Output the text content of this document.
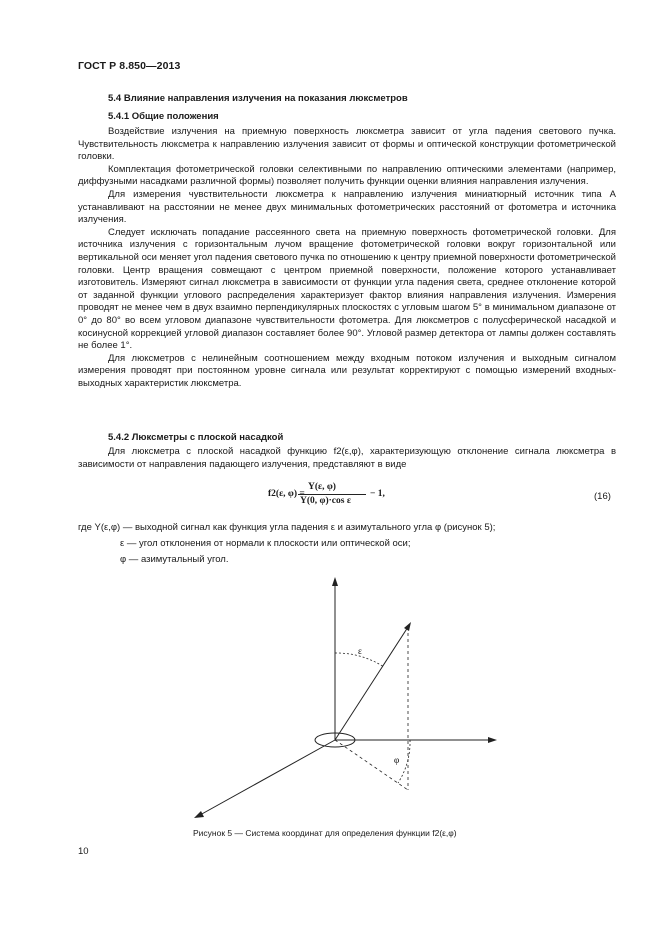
ГОСТ Р 8.850—2013
5.4 Влияние направления излучения на показания люксметров
5.4.1 Общие положения

Воздействие излучения на приемную поверхность люксметра зависит от угла падения светового пучка. Чувствительность люксметра к направлению излучения зависит от формы и оптической конструкции фотометрической головки.

Комплектация фотометрической головки селективными по направлению оптическими элементами (например, диффузными насадками различной формы) позволяет получить функции оценки влияния направления излучения.

Для измерения чувствительности люксметра к направлению излучения миниатюрный источник типа A устанавливают на расстоянии не менее двух минимальных фотометрических расстояний от фотометра и источника излучения.

Следует исключать попадание рассеянного света на приемную поверхность фотометрической головки. Для источника излучения с горизонтальным лучом вращение фотометрической головки вокруг горизонтальной или вертикальной оси меняет угол падения светового пучка по отношению к центру приемной поверхности фотометрической головки. Центр вращения совмещают с центром приемной поверхности, положение которого устанавливает изготовитель. Измеряют сигнал люксметра в зависимости от функции угла падения света, среднее отклонение которой от заданной функции углового распределения характеризует фактор влияния направления излучения. Измерения проводят не менее чем в двух взаимно перпендикулярных плоскостях с угловым шагом 5° в минимальном диапазоне от 0° до 80° во всем угловом диапазоне чувствительности фотометра. Для люксметров с полусферической насадкой и косинусной коррекцией угловой диапазон составляет более 90°. Угловой размер детектора от лампы должен составлять не более 1°.

Для люксметров с нелинейным соотношением между входным потоком излучения и выходным сигналом измерения проводят при постоянном уровне сигнала или результат корректируют с помощью измерений входных-выходных характеристик люксметра.

5.4.2 Люксметры с плоской насадкой

Для люксметра с плоской насадкой функцию f2(ε,φ), характеризующую отклонение сигнала люксметра в зависимости от направления падающего излучения, представляют в виде

f2(ε, φ) =
Y(ε, φ)
Y(0, φ)·cos ε
− 1,	(16)
где Y(ε,φ) — выходной сигнал как функция угла падения ε и азимутального угла φ (рисунок 5);
ε — угол отклонения от нормали к плоскости или оптической оси;
φ — азимутальный угол.
ε
φ
Рисунок 5 — Система координат для определения функции f2(ε,φ)
10
